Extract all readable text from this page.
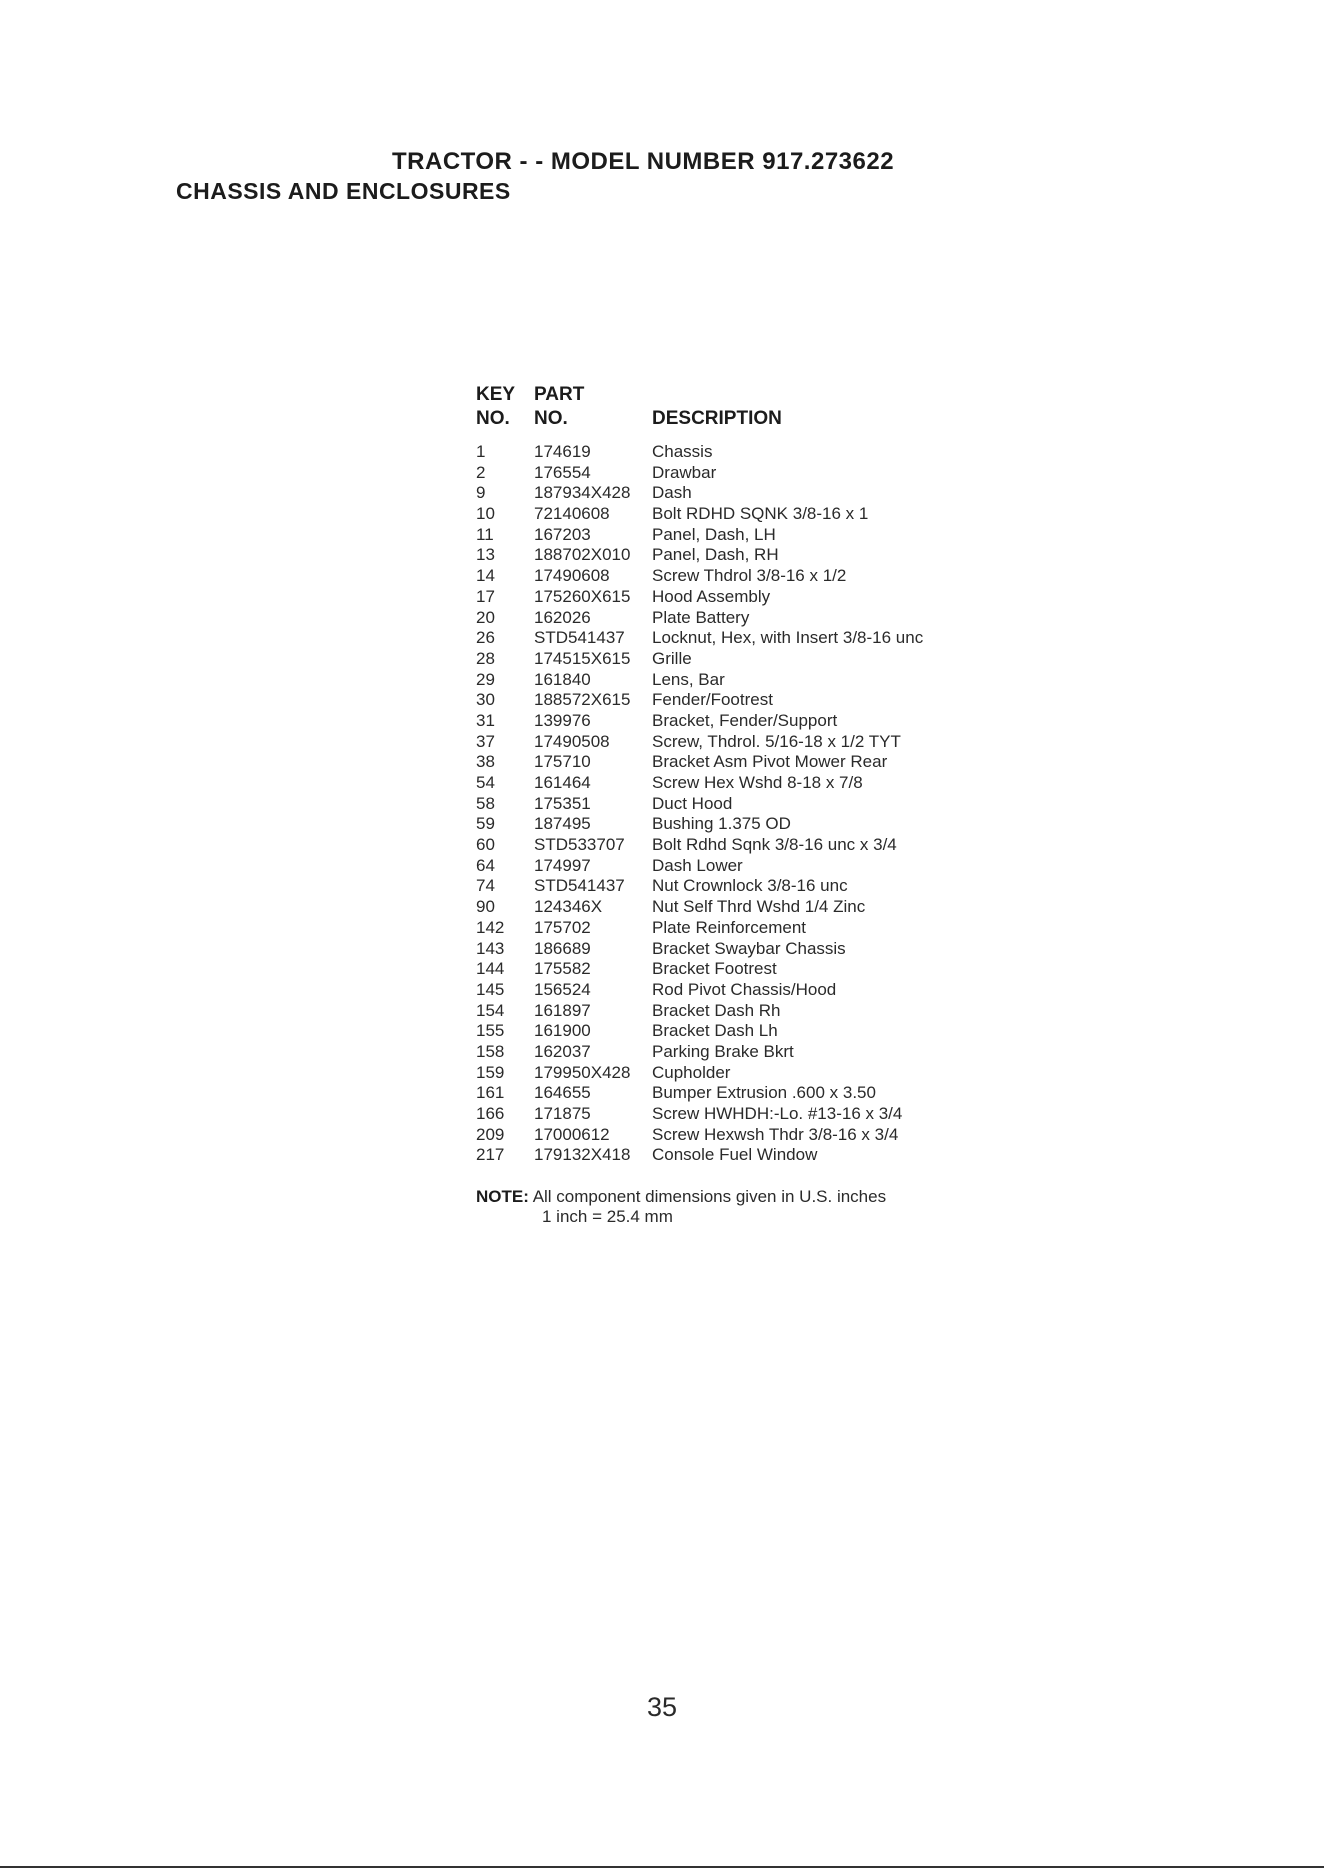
TRACTOR - - MODEL NUMBER 917.273622
CHASSIS AND ENCLOSURES
KEY PART
NO. NO.	DESCRIPTION
1	174619	Chassis
2	176554	Drawbar
9	187934X428 Dash
10 72140608 Bolt RDHD SQNK 3/8-16 x 1
11 167203	Panel, Dash, LH
13 188702X010 Panel, Dash, RH
14 17490608 Screw Thdrol 3/8-16 x 1/2
17 175260X615 Hood Assembly
20 162026	Plate Battery
26 STD541437 Locknut, Hex, with Insert 3/8-16 unc
28 174515X615 Grille
29 161840	Lens, Bar
30 188572X615 Fender/Footrest
31 139976	Bracket, Fender/Support
37 17490508 Screw, Thdrol. 5/16-18 x 1/2 TYT
38 175710	Bracket Asm Pivot Mower Rear
54 161464	Screw Hex Wshd 8-18 x 7/8
58 175351	Duct Hood
59 187495	Bushing 1.375 OD
60 STD533707 Bolt Rdhd Sqnk 3/8-16 unc x 3/4
64 174997	Dash Lower
74 STD541437 Nut Crownlock 3/8-16 unc
90 124346X	Nut Self Thrd Wshd 1/4 Zinc
142 175702	Plate Reinforcement
143 186689	Bracket Swaybar Chassis
144 175582	Bracket Footrest
145 156524	Rod Pivot Chassis/Hood
154 161897	Bracket Dash Rh
155 161900	Bracket Dash Lh
158 162037	Parking Brake Bkrt
159 179950X428 Cupholder
161 164655	Bumper Extrusion .600 x 3.50
166 171875	Screw HWHDH:-Lo. #13-16 x 3/4
209 17000612 Screw Hexwsh Thdr 3/8-16 x 3/4
217 179132X418 Console Fuel Window
NOTE: All component dimensions given in U.S. inches
1 inch = 25.4 mm
35
